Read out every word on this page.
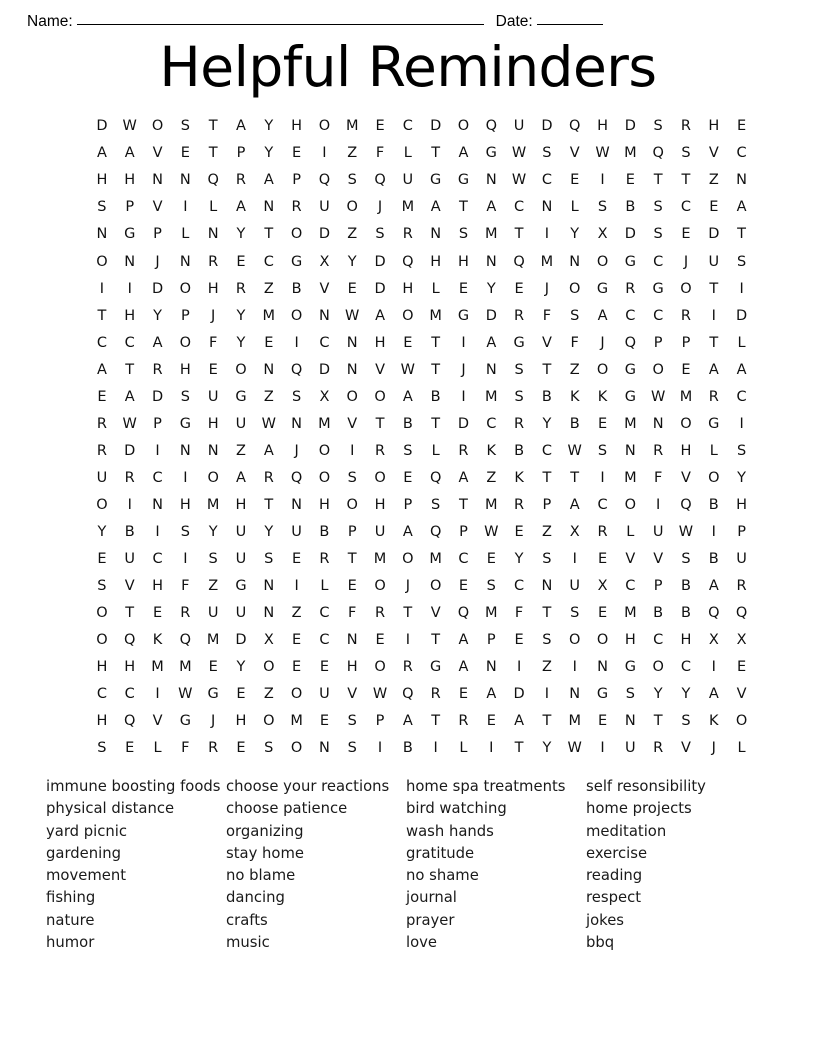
Name:	Date:
Helpful Reminders
D	W	O	S	T	A	Y	H	O	M	E	C	D	O	Q	U	D	Q	H	D	S	R	H	E
A	A	V	E	T	P	Y	E	I	Z	F	L	T	A	G	W	S	V	W M	Q	S	V	C
H	H	N	N	Q	R	A	P	Q	S	Q	U	G	G	N	W	C	E	I	E	T	T	Z	N
S	P	V	I	L	A	N	R	U	O	J	M	A	T	A	C	N	L	S	B	S	C	E	A
N	G	P	L	N	Y	T	O	D	Z	S	R	N	S	M	T	I	Y	X	D	S	E	D	T
O	N	J	N	R	E	C	G	X	Y	D	Q	H	H	N	Q	M	N	O	G	C	J	U	S
I	I	D	O	H	R	Z	B	V	E	D	H	L	E	Y	E	J	O	G	R	G	O	T	I
T	H	Y	P	J	Y	M	O	N	W	A	O	M	G	D	R	F	S	A	C	C	R	I	D
C	C	A	O	F	Y	E	I	C	N	H	E	T	I	A	G	V	F	J	Q	P	P	T	L
A	T	R	H	E	O	N	Q	D	N	V	W	T	J	N	S	T	Z	O	G	O	E	A	A
E	A	D	S	U	G	Z	S	X	O	O	A	B	I	M	S	B	K	K	G	W M	R	C
R	W	P	G	H	U	W	N	M	V	T	B	T	D	C	R	Y	B	E	M	N	O	G	I
R	D	I	N	N	Z	A	J	O	I	R	S	L	R	K	B	C	W	S	N	R	H	L	S
U	R	C	I	O	A	R	Q	O	S	O	E	Q	A	Z	K	T	T	I	M	F	V	O	Y
O	I	N	H	M	H	T	N	H	O	H	P	S	T	M	R	P	A	C	O	I	Q	B	H
Y	B	I	S	Y	U	Y	U	B	P	U	A	Q	P	W	E	Z	X	R	L	U	W	I	P
E	U	C	I	S	U	S	E	R	T	M	O	M	C	E	Y	S	I	E	V	V	S	B	U
S	V	H	F	Z	G	N	I	L	E	O	J	O	E	S	C	N	U	X	C	P	B	A	R
O	T	E	R	U	U	N	Z	C	F	R	T	V	Q	M	F	T	S	E	M	B	B	Q	Q
O	Q	K	Q	M	D	X	E	C	N	E	I	T	A	P	E	S	O	O	H	C	H	X	X
H	H	M	M	E	Y	O	E	E	H	O	R	G	A	N	I	Z	I	N	G	O	C	I	E
C	C	I	W	G	E	Z	O	U	V	W	Q	R	E	A	D	I	N	G	S	Y	Y	A	V
H	Q	V	G	J	H	O	M	E	S	P	A	T	R	E	A	T	M	E	N	T	S	K	O
S	E	L	F	R	E	S	O	N	S	I	B	I	L	I	T	Y	W	I	U	R	V	J	L
immune boosting foods
physical distance
yard picnic
gardening
movement
fishing
nature
humor
choose your reactions
choose patience
organizing
stay home
no blame
dancing
crafts
music
home spa treatments
bird watching
wash hands
gratitude
no shame
journal
prayer
love
self resonsibility
home projects
meditation
exercise
reading
respect
jokes
bbq
